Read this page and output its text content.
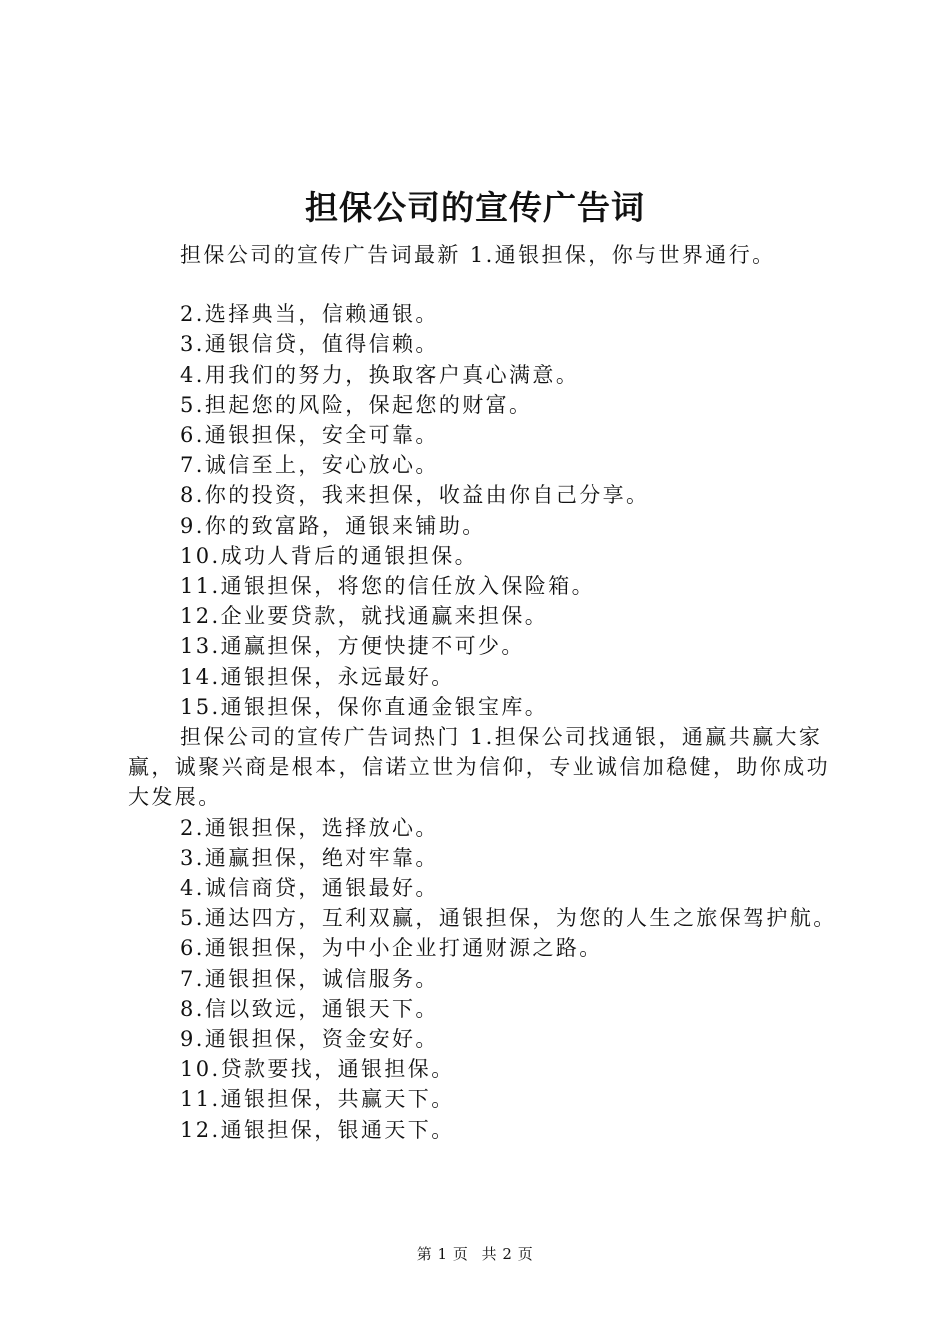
担保公司的宣传广告词

担保公司的宣传广告词最新 1.通银担保，你与世界通行。

2.选择典当，信赖通银。

3.通银信贷，值得信赖。

4.用我们的努力，换取客户真心满意。

5.担起您的风险，保起您的财富。

6.通银担保，安全可靠。

7.诚信至上，安心放心。

8.你的投资，我来担保，收益由你自己分享。

9.你的致富路，通银来铺助。

10.成功人背后的通银担保。

11.通银担保，将您的信任放入保险箱。

12.企业要贷款，就找通赢来担保。

13.通赢担保，方便快捷不可少。

14.通银担保，永远最好。

15.通银担保，保你直通金银宝库。

担保公司的宣传广告词热门 1.担保公司找通银，通赢共赢大家赢，诚聚兴商是根本，信诺立世为信仰，专业诚信加稳健，助你成功大发展。

2.通银担保，选择放心。

3.通赢担保，绝对牢靠。

4.诚信商贷，通银最好。

5.通达四方，互利双赢，通银担保，为您的人生之旅保驾护航。

6.通银担保，为中小企业打通财源之路。

7.通银担保，诚信服务。

8.信以致远，通银天下。

9.通银担保，资金安好。

10.贷款要找，通银担保。

11.通银担保，共赢天下。

12.通银担保，银通天下。

第 1 页 共 2 页
